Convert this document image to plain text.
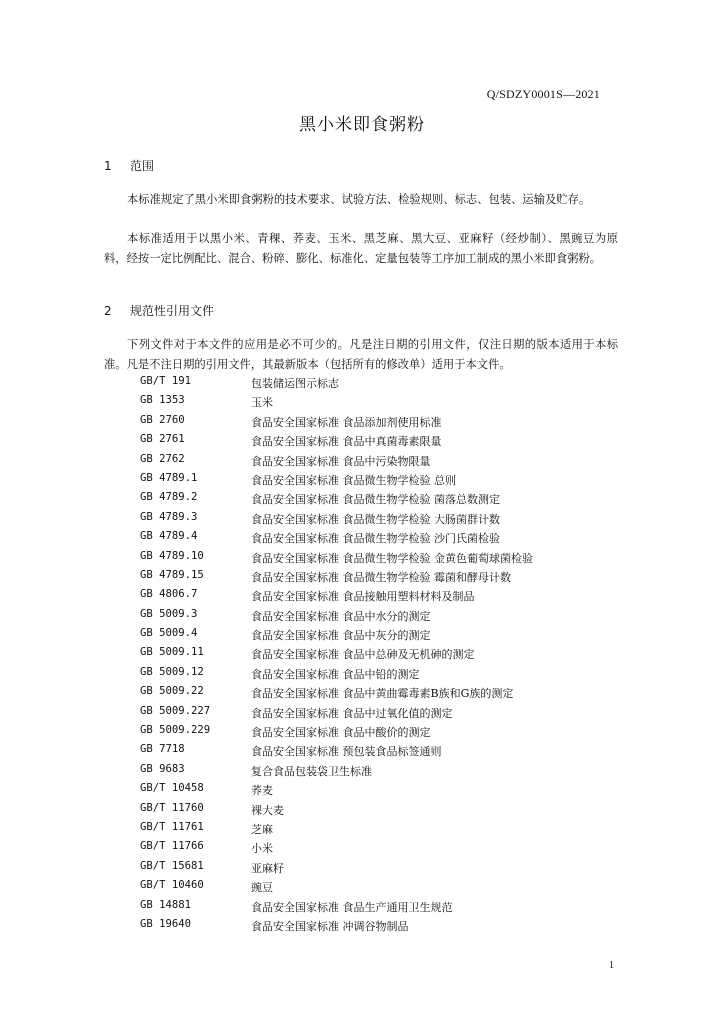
Q/SDZY0001S—2021
黑小米即食粥粉
1 范围

本标准规定了黑小米即食粥粉的技术要求、试验方法、检验规则、标志、包装、运输及贮存。

本标准适用于以黑小米、青稞、荞麦、玉米、黑芝麻、黑大豆、亚麻籽（经炒制）、黑豌豆为原料，经按一定比例配比、混合、粉碎、膨化、标准化、定量包装等工序加工制成的黑小米即食粥粉。

2 规范性引用文件

下列文件对于本文件的应用是必不可少的。凡是注日期的引用文件，仅注日期的版本适用于本标准。凡是不注日期的引用文件，其最新版本（包括所有的修改单）适用于本文件。

GB/T 191	包装储运图示标志
GB 1353	玉米
GB 2760	食品安全国家标准 食品添加剂使用标准
GB 2761	食品安全国家标准 食品中真菌毒素限量
GB 2762	食品安全国家标准 食品中污染物限量
GB 4789.1	食品安全国家标准 食品微生物学检验 总则
GB 4789.2	食品安全国家标准 食品微生物学检验 菌落总数测定
GB 4789.3	食品安全国家标准 食品微生物学检验 大肠菌群计数
GB 4789.4	食品安全国家标准 食品微生物学检验 沙门氏菌检验
GB 4789.10	食品安全国家标准 食品微生物学检验 金黄色葡萄球菌检验
GB 4789.15	食品安全国家标准 食品微生物学检验 霉菌和酵母计数
GB 4806.7	食品安全国家标准 食品接触用塑料材料及制品
GB 5009.3	食品安全国家标准 食品中水分的测定
GB 5009.4	食品安全国家标准 食品中灰分的测定
GB 5009.11	食品安全国家标准 食品中总砷及无机砷的测定
GB 5009.12	食品安全国家标准 食品中铅的测定
GB 5009.22	食品安全国家标准 食品中黄曲霉毒素B族和G族的测定
GB 5009.227	食品安全国家标准 食品中过氧化值的测定
GB 5009.229	食品安全国家标准 食品中酸价的测定
GB 7718	食品安全国家标准 预包装食品标签通则
GB 9683	复合食品包装袋卫生标准
GB/T 10458	荞麦
GB/T 11760	裸大麦
GB/T 11761	芝麻
GB/T 11766	小米
GB/T 15681	亚麻籽
GB/T 10460	豌豆
GB 14881	食品安全国家标准 食品生产通用卫生规范
GB 19640	食品安全国家标准 冲调谷物制品
1
